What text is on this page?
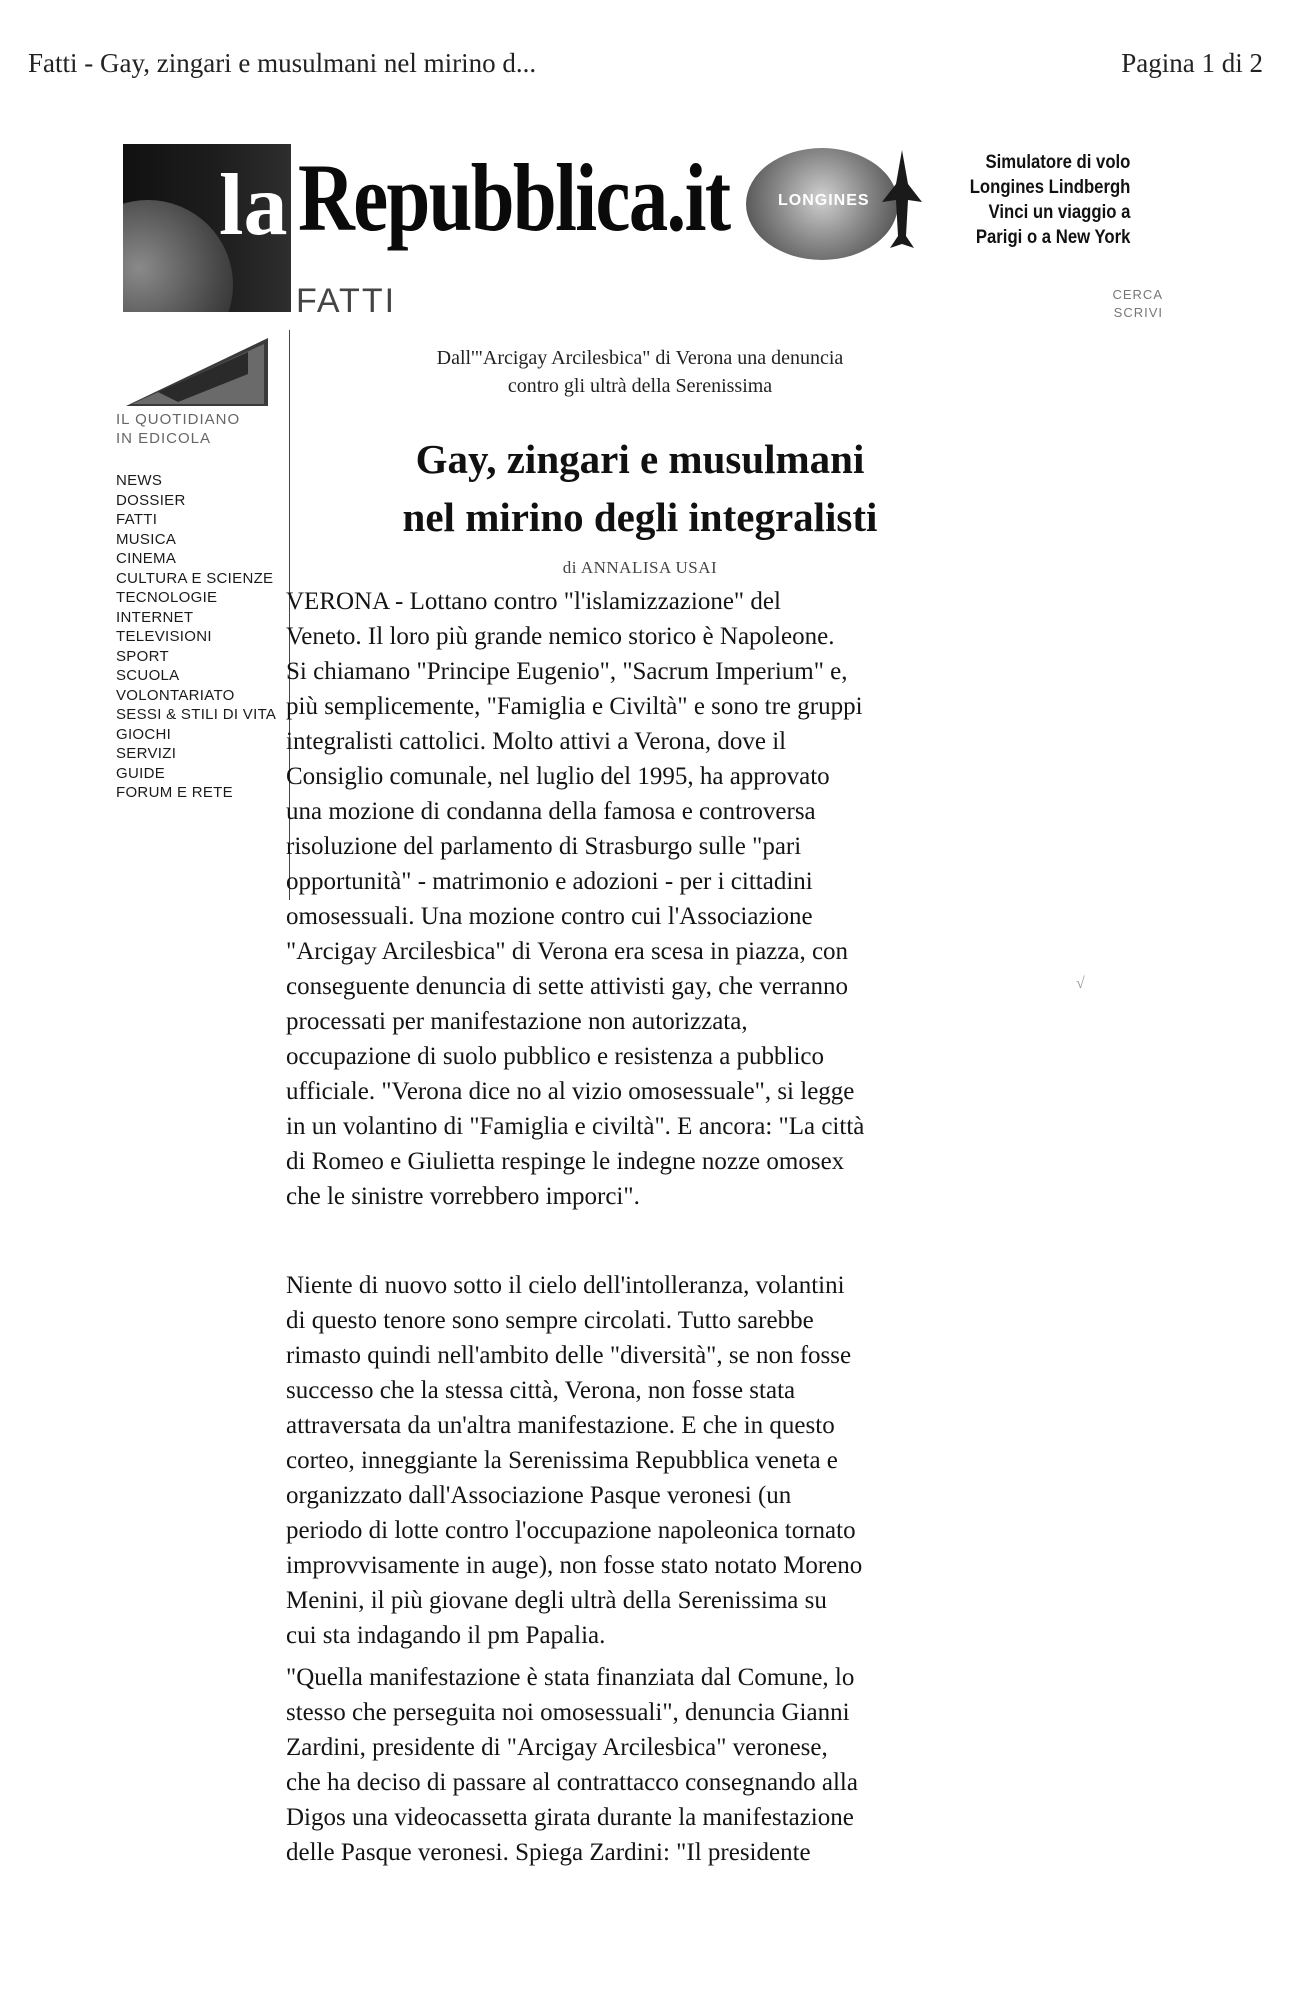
Fatti - Gay, zingari e musulmani nel mirino d...	Pagina 1 di 2
la Repubblica.it
FATTI
LONGINES
Simulatore di volo
Longines Lindbergh
Vinci un viaggio a
Parigi o a New York
CERCA
SCRIVI
IL QUOTIDIANO
IN EDICOLA
NEWS
DOSSIER
FATTI
MUSICA
CINEMA
CULTURA E SCIENZE
TECNOLOGIE
INTERNET
TELEVISIONI
SPORT
SCUOLA
VOLONTARIATO
SESSI & STILI DI VITA
GIOCHI
SERVIZI
GUIDE
FORUM E RETE
Dall'"Arcigay Arcilesbica" di Verona una denuncia
contro gli ultrà della Serenissima
Gay, zingari e musulmani
nel mirino degli integralisti
di ANNALISA USAI
VERONA - Lottano contro "l'islamizzazione" del
Veneto. Il loro più grande nemico storico è Napoleone.
Si chiamano "Principe Eugenio", "Sacrum Imperium" e,
più semplicemente, "Famiglia e Civiltà" e sono tre gruppi
integralisti cattolici. Molto attivi a Verona, dove il
Consiglio comunale, nel luglio del 1995, ha approvato
una mozione di condanna della famosa e controversa
risoluzione del parlamento di Strasburgo sulle "pari
opportunità" - matrimonio e adozioni - per i cittadini
omosessuali. Una mozione contro cui l'Associazione
"Arcigay Arcilesbica" di Verona era scesa in piazza, con
conseguente denuncia di sette attivisti gay, che verranno
processati per manifestazione non autorizzata,
occupazione di suolo pubblico e resistenza a pubblico
ufficiale. "Verona dice no al vizio omosessuale", si legge
in un volantino di "Famiglia e civiltà". E ancora: "La città
di Romeo e Giulietta respinge le indegne nozze omosex
che le sinistre vorrebbero imporci".
Niente di nuovo sotto il cielo dell'intolleranza, volantini
di questo tenore sono sempre circolati. Tutto sarebbe
rimasto quindi nell'ambito delle "diversità", se non fosse
successo che la stessa città, Verona, non fosse stata
attraversata da un'altra manifestazione. E che in questo
corteo, inneggiante la Serenissima Repubblica veneta e
organizzato dall'Associazione Pasque veronesi (un
periodo di lotte contro l'occupazione napoleonica tornato
improvvisamente in auge), non fosse stato notato Moreno
Menini, il più giovane degli ultrà della Serenissima su
cui sta indagando il pm Papalia.
"Quella manifestazione è stata finanziata dal Comune, lo
stesso che perseguita noi omosessuali", denuncia Gianni
Zardini, presidente di "Arcigay Arcilesbica" veronese,
che ha deciso di passare al contrattacco consegnando alla
Digos una videocassetta girata durante la manifestazione
delle Pasque veronesi. Spiega Zardini: "Il presidente
√
